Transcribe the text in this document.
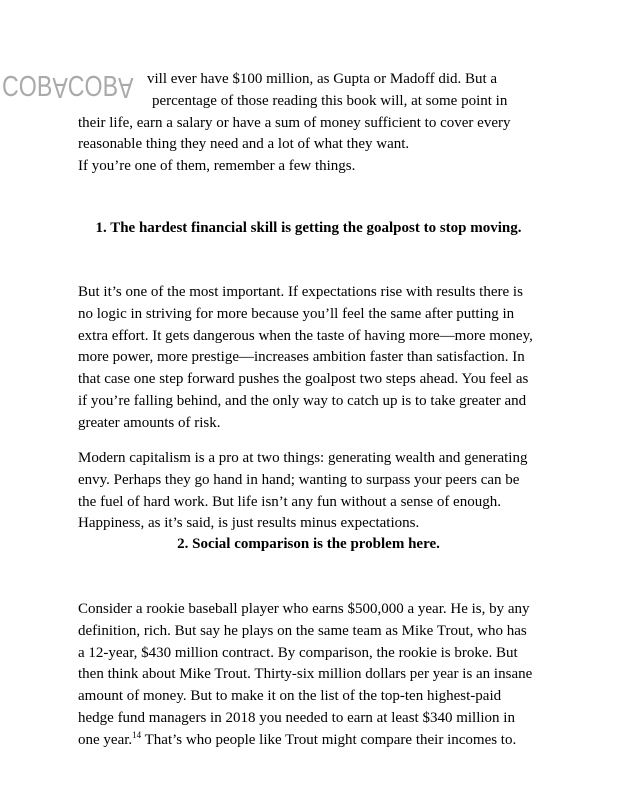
COBACOBA vill ever have $100 million, as Gupta or Madoff did. But a
percentage of those reading this book will, at some point in
their life, earn a salary or have a sum of money sufficient to cover every
reasonable thing they need and a lot of what they want.
If you’re one of them, remember a few things.
1. The hardest financial skill is getting the goalpost to stop moving.
But it’s one of the most important. If expectations rise with results there is
no logic in striving for more because you’ll feel the same after putting in
extra effort. It gets dangerous when the taste of having more—more money,
more power, more prestige—increases ambition faster than satisfaction. In
that case one step forward pushes the goalpost two steps ahead. You feel as
if you’re falling behind, and the only way to catch up is to take greater and
greater amounts of risk.
Modern capitalism is a pro at two things: generating wealth and generating
envy. Perhaps they go hand in hand; wanting to surpass your peers can be
the fuel of hard work. But life isn’t any fun without a sense of enough.
Happiness, as it’s said, is just results minus expectations.
2. Social comparison is the problem here.
Consider a rookie baseball player who earns $500,000 a year. He is, by any
definition, rich. But say he plays on the same team as Mike Trout, who has
a 12-year, $430 million contract. By comparison, the rookie is broke. But
then think about Mike Trout. Thirty-six million dollars per year is an insane
amount of money. But to make it on the list of the top-ten highest-paid
hedge fund managers in 2018 you needed to earn at least $340 million in
one year.$^{14}$ That’s who people like Trout might compare their incomes to.
